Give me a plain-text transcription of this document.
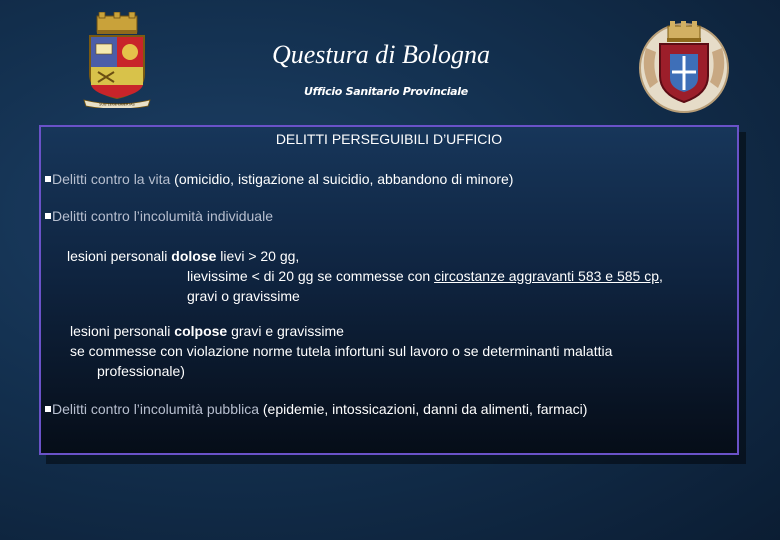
Questura di Bologna
Ufficio Sanitario Provinciale
SUB LEGE LIBERTAS
DELITTI PERSEGUIBILI D’UFFICIO
Delitti contro la vita (omicidio, istigazione al suicidio, abbandono di minore)
Delitti contro l’incolumità individuale
lesioni personali dolose lievi > 20 gg,
lievissime < di 20 gg se commesse con circostanze aggravanti 583 e 585 cp,
gravi o gravissime
lesioni personali colpose gravi e gravissime
se commesse con violazione norme tutela infortuni sul lavoro o se determinanti malattia
professionale)
Delitti contro l’incolumità pubblica (epidemie, intossicazioni, danni da alimenti, farmaci)
